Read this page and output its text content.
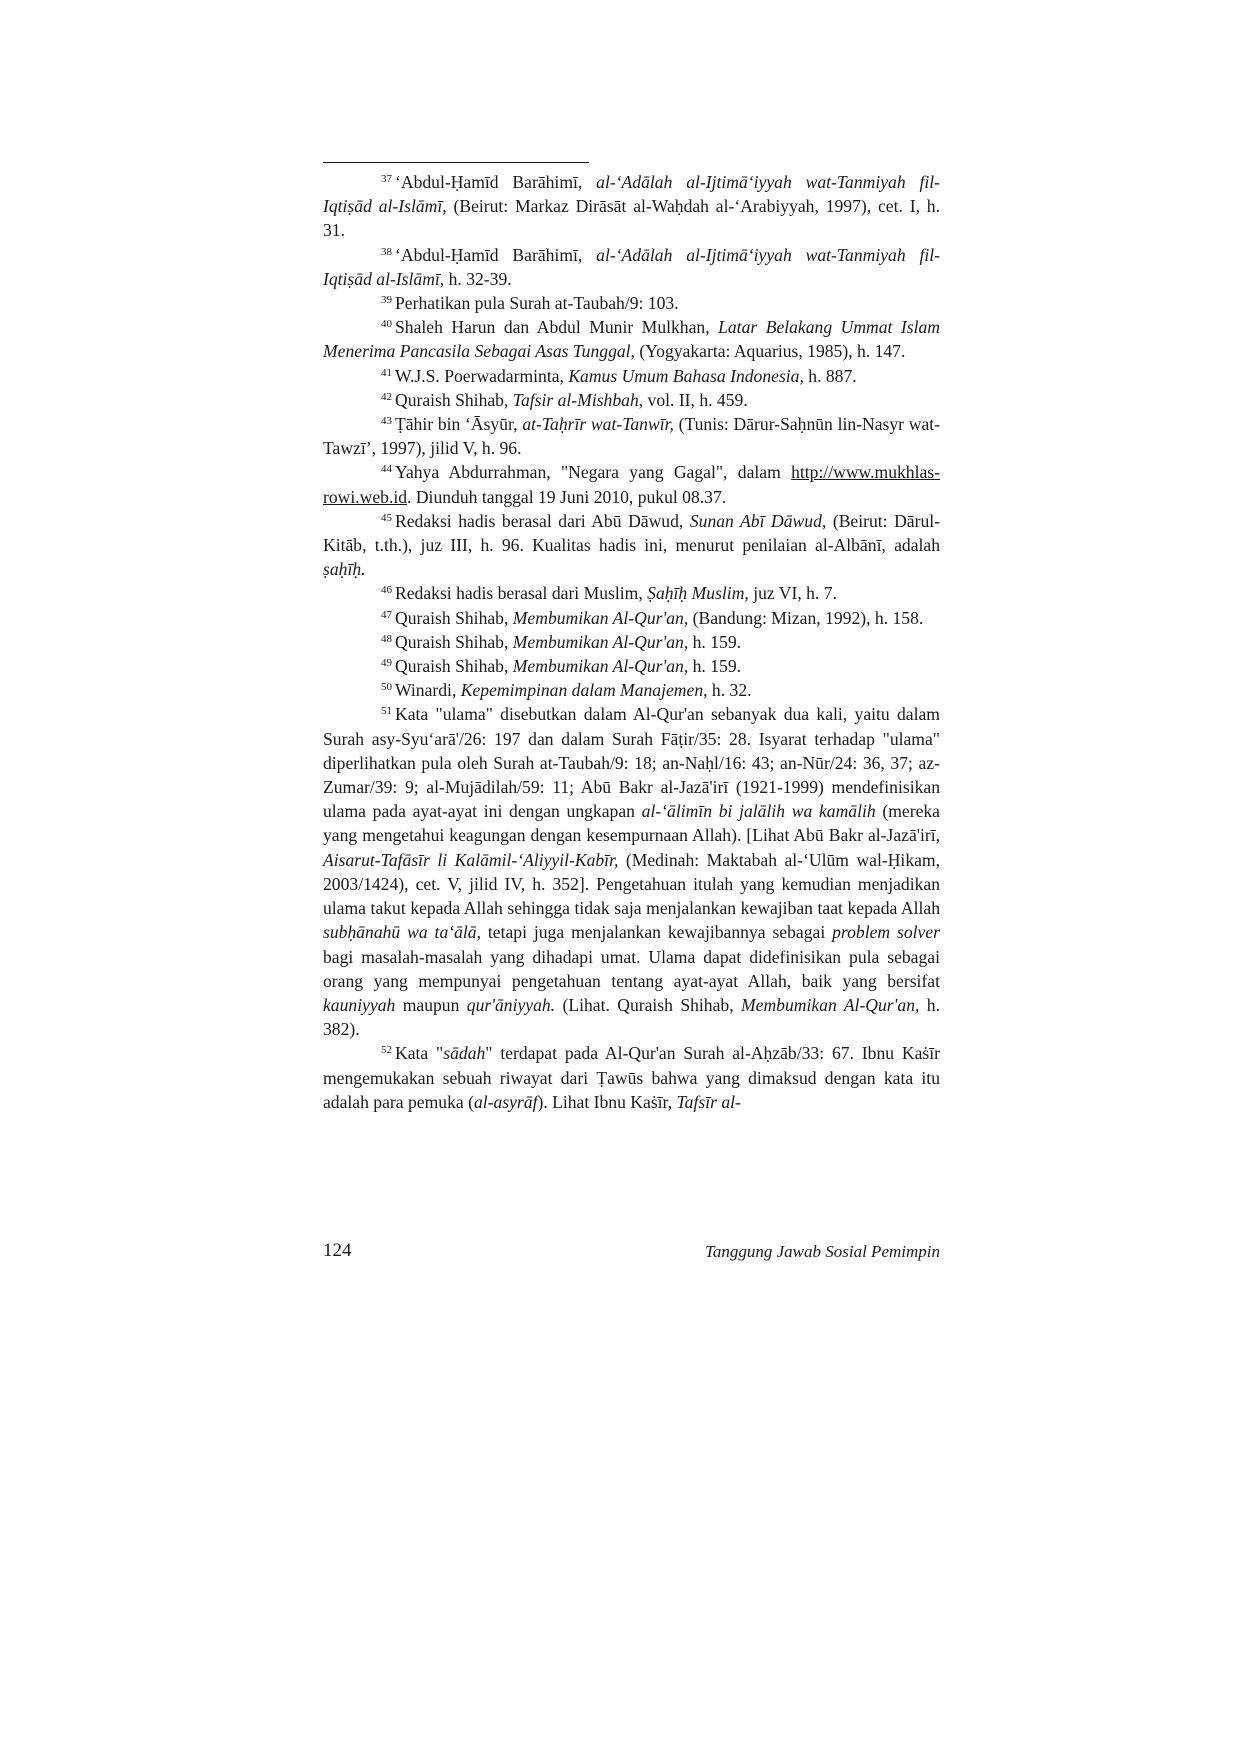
$^{37}$ ‘Abdul-Ḥamīd Barāhimī, al-‘Adālah al-Ijtimā‘iyyah wat-Tanmiyah fil-Iqtiṣād al-Islāmī, (Beirut: Markaz Dirāsāt al-Waḥdah al-‘Arabiyyah, 1997), cet. I, h. 31.

$^{38}$ ‘Abdul-Ḥamīd Barāhimī, al-‘Adālah al-Ijtimā‘iyyah wat-Tanmiyah fil-Iqtiṣād al-Islāmī, h. 32-39.

$^{39}$ Perhatikan pula Surah at-Taubah/9: 103.

$^{40}$ Shaleh Harun dan Abdul Munir Mulkhan, Latar Belakang Ummat Islam Menerima Pancasila Sebagai Asas Tunggal, (Yogyakarta: Aquarius, 1985), h. 147.

$^{41}$ W.J.S. Poerwadarminta, Kamus Umum Bahasa Indonesia, h. 887.

$^{42}$ Quraish Shihab, Tafsir al-Mishbah, vol. II, h. 459.

$^{43}$ Ṭāhir bin ‘Āsyūr, at-Taḥrīr wat-Tanwīr, (Tunis: Dārur-Saḥnūn lin-Nasyr wat-Tawzī’, 1997), jilid V, h. 96.

$^{44}$ Yahya Abdurrahman, "Negara yang Gagal", dalam http://www.mukhlas-rowi.web.id. Diunduh tanggal 19 Juni 2010, pukul 08.37.

$^{45}$ Redaksi hadis berasal dari Abū Dāwud, Sunan Abī Dāwud, (Beirut: Dārul-Kitāb, t.th.), juz III, h. 96. Kualitas hadis ini, menurut penilaian al-Albānī, adalah ṣaḥīḥ.

$^{46}$ Redaksi hadis berasal dari Muslim, Ṣaḥīḥ Muslim, juz VI, h. 7.

$^{47}$ Quraish Shihab, Membumikan Al-Qur'an, (Bandung: Mizan, 1992), h. 158.

$^{48}$ Quraish Shihab, Membumikan Al-Qur'an, h. 159.

$^{49}$ Quraish Shihab, Membumikan Al-Qur'an, h. 159.

$^{50}$ Winardi, Kepemimpinan dalam Manajemen, h. 32.

$^{51}$ Kata "ulama" disebutkan dalam Al-Qur'an sebanyak dua kali, yaitu dalam Surah asy-Syu‘arā'/26: 197 dan dalam Surah Fāṭir/35: 28. Isyarat terhadap "ulama" diperlihatkan pula oleh Surah at-Taubah/9: 18; an-Naḥl/16: 43; an-Nūr/24: 36, 37; az-Zumar/39: 9; al-Mujādilah/59: 11; Abū Bakr al-Jazā'irī (1921-1999) mendefinisikan ulama pada ayat-ayat ini dengan ungkapan al-‘ālimīn bi jalālih wa kamālih (mereka yang mengetahui keagungan dengan kesempurnaan Allah). [Lihat Abū Bakr al-Jazā'irī, Aisarut-Tafāsīr li Kalāmil-‘Aliyyil-Kabīr, (Medinah: Maktabah al-‘Ulūm wal-Ḥikam, 2003/1424), cet. V, jilid IV, h. 352]. Pengetahuan itulah yang kemudian menjadikan ulama takut kepada Allah sehingga tidak saja menjalankan kewajiban taat kepada Allah subḥānahū wa ta‘ālā, tetapi juga menjalankan kewajibannya sebagai problem solver bagi masalah-masalah yang dihadapi umat. Ulama dapat didefinisikan pula sebagai orang yang mempunyai pengetahuan tentang ayat-ayat Allah, baik yang bersifat kauniyyah maupun qur'āniyyah. (Lihat. Quraish Shihab, Membumikan Al-Qur'an, h. 382).

$^{52}$ Kata "sādah" terdapat pada Al-Qur'an Surah al-Aḥzāb/33: 67. Ibnu Kaṡīr mengemukakan sebuah riwayat dari Ṭawūs bahwa yang dimaksud dengan kata itu adalah para pemuka (al-asyrāf). Lihat Ibnu Kaṡīr, Tafsīr al-

124	Tanggung Jawab Sosial Pemimpin
